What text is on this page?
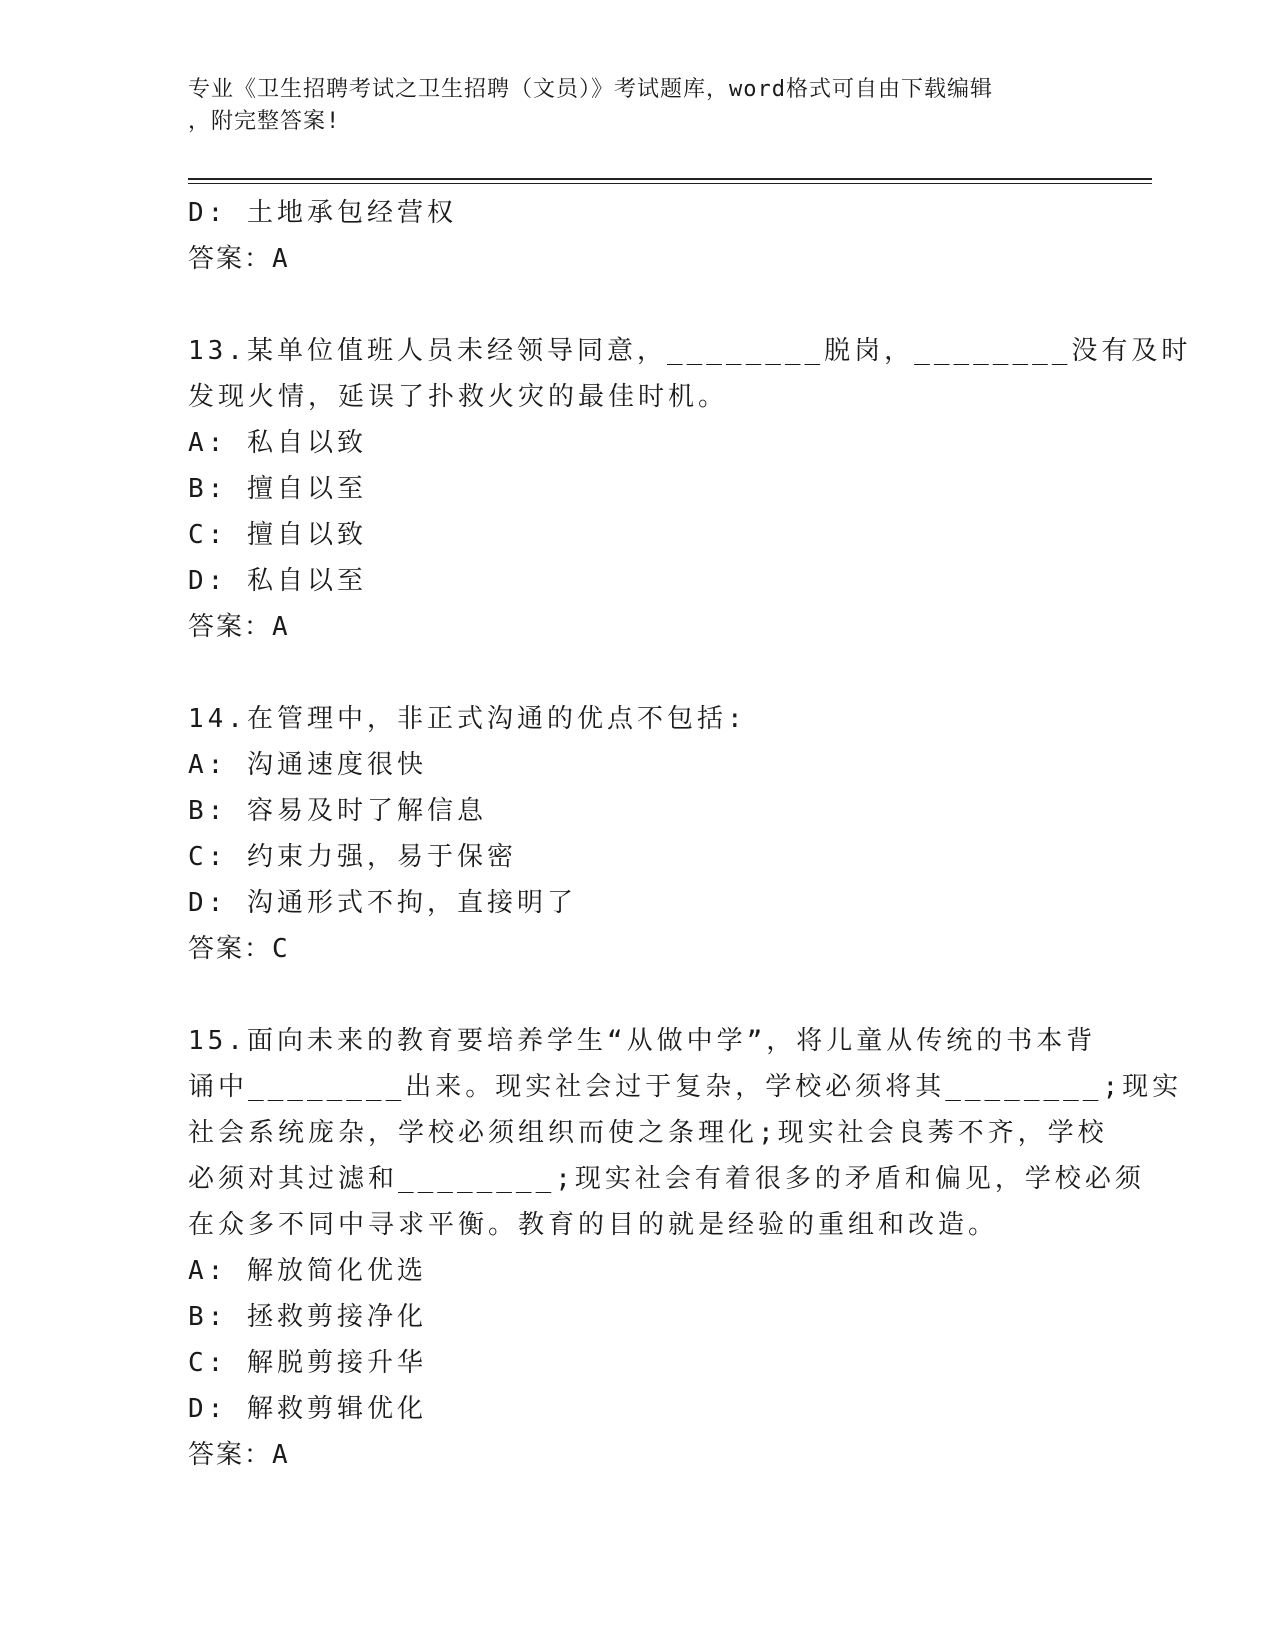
专业《卫生招聘考试之卫生招聘（文员）》考试题库，word格式可自由下载编辑
，附完整答案!
D: 土地承包经营权
答案：A
13.某单位值班人员未经领导同意，________脱岗，________没有及时
发现火情，延误了扑救火灾的最佳时机。
A: 私自以致
B: 擅自以至
C: 擅自以致
D: 私自以至
答案：A
14.在管理中，非正式沟通的优点不包括:
A: 沟通速度很快
B: 容易及时了解信息
C: 约束力强，易于保密
D: 沟通形式不拘，直接明了
答案：C
15.面向未来的教育要培养学生“从做中学”，将儿童从传统的书本背
诵中________出来。现实社会过于复杂，学校必须将其________;现实
社会系统庞杂，学校必须组织而使之条理化;现实社会良莠不齐，学校
必须对其过滤和________;现实社会有着很多的矛盾和偏见，学校必须
在众多不同中寻求平衡。教育的目的就是经验的重组和改造。
A: 解放简化优选
B: 拯救剪接净化
C: 解脱剪接升华
D: 解救剪辑优化
答案：A
